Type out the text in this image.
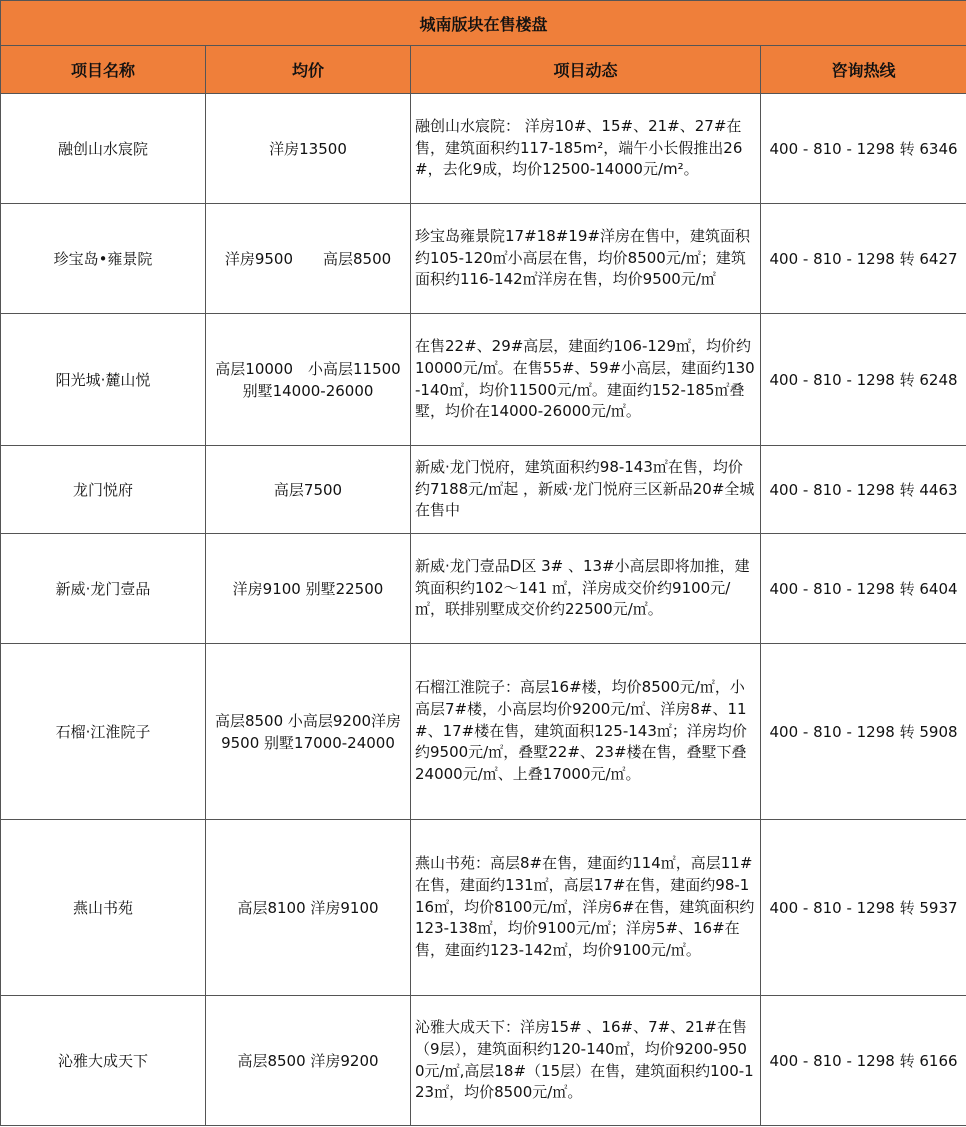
城南版块在售楼盘			
项目名称	均价	项目动态	咨询热线
融创山水宸院	洋房13500	融创山水宸院： 洋房10#、15#、21#、27#在售，建筑面积约117-185m²，端午小长假推出26#，去化9成，均价12500-14000元/m²。	400 - 810 - 1298 转 6346
珍宝岛•雍景院	洋房9500　　高层8500	珍宝岛雍景院17#18#19#洋房在售中，建筑面积约105-120㎡小高层在售，均价8500元/㎡；建筑面积约116-142㎡洋房在售，均价9500元/㎡	400 - 810 - 1298 转 6427
阳光城·麓山悦	高层10000　小高层11500 别墅14000-26000	在售22#、29#高层，建面约106-129㎡，均价约10000元/㎡。在售55#、59#小高层，建面约130-140㎡，均价11500元/㎡。建面约152-185㎡叠墅，均价在14000-26000元/㎡。	400 - 810 - 1298 转 6248
龙门悦府	高层7500	新威·龙门悦府，建筑面积约98-143㎡在售，均价约7188元/㎡起 ，新威·龙门悦府三区新品20#全城在售中	400 - 810 - 1298 转 4463
新威·龙门壹品	洋房9100 别墅22500	新威·龙门壹品D区 3# 、13#小高层即将加推，建筑面积约102～141 ㎡，洋房成交价约9100元/㎡，联排别墅成交价约22500元/㎡。	400 - 810 - 1298 转 6404
石榴·江淮院子	高层8500 小高层9200洋房9500 别墅17000-24000	石榴江淮院子：高层16#楼，均价8500元/㎡，小高层7#楼，小高层均价9200元/㎡、洋房8#、11#、17#楼在售，建筑面积125-143㎡；洋房均价约9500元/㎡，叠墅22#、23#楼在售，叠墅下叠24000元/㎡、上叠17000元/㎡。	400 - 810 - 1298 转 5908
燕山书苑	高层8100 洋房9100	燕山书苑：高层8#在售，建面约114㎡，高层11#在售，建面约131㎡，高层17#在售，建面约98-116㎡，均价8100元/㎡，洋房6#在售，建筑面积约123-138㎡，均价9100元/㎡；洋房5#、16#在售，建面约123-142㎡，均价9100元/㎡。	400 - 810 - 1298 转 5937
沁雅大成天下	高层8500 洋房9200	沁雅大成天下：洋房15# 、16#、7#、21#在售（9层），建筑面积约120-140㎡，均价9200-9500元/㎡,高层18#（15层）在售，建筑面积约100-123㎡，均价8500元/㎡。	400 - 810 - 1298 转 6166
